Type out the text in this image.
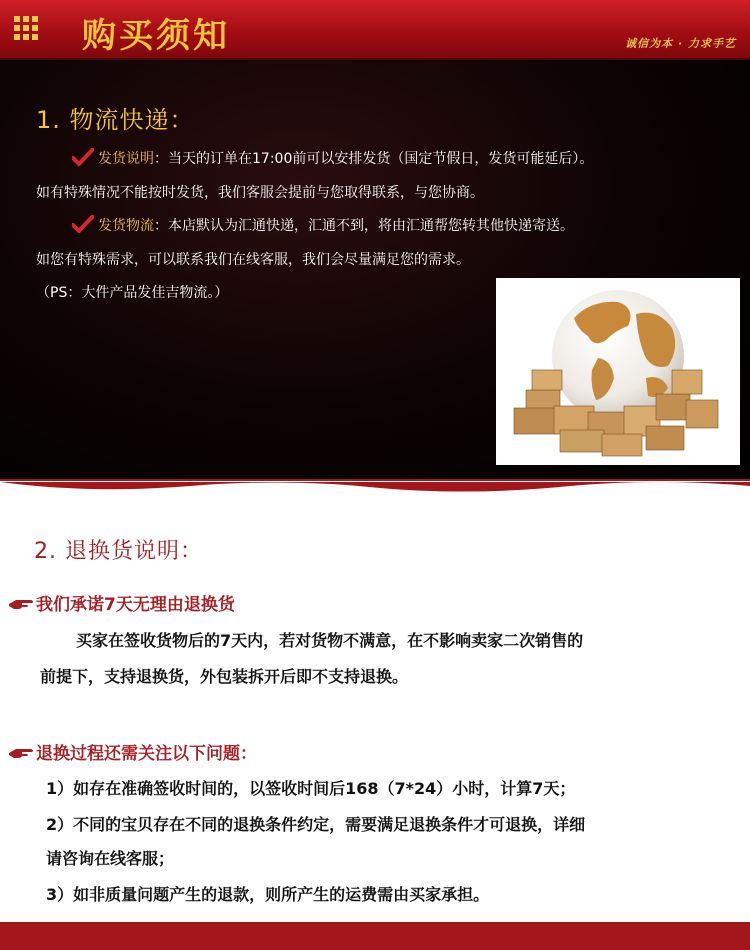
购买须知	诚信为本 · 力求手艺
1. 物流快递：
发货说明：当天的订单在17:00前可以安排发货（国定节假日，发货可能延后）。
如有特殊情况不能按时发货，我们客服会提前与您取得联系，与您协商。
发货物流：本店默认为汇通快递，汇通不到，将由汇通帮您转其他快递寄送。
如您有特殊需求，可以联系我们在线客服，我们会尽量满足您的需求。
（PS：大件产品发佳吉物流。）
2. 退换货说明：
我们承诺7天无理由退换货
买家在签收货物后的7天内，若对货物不满意，在不影响卖家二次销售的
前提下，支持退换货，外包装拆开后即不支持退换。
退换过程还需关注以下问题：
1）如存在准确签收时间的，以签收时间后168（7*24）小时，计算7天；
2）不同的宝贝存在不同的退换条件约定，需要满足退换条件才可退换，详细
请咨询在线客服；
3）如非质量问题产生的退款，则所产生的运费需由买家承担。
